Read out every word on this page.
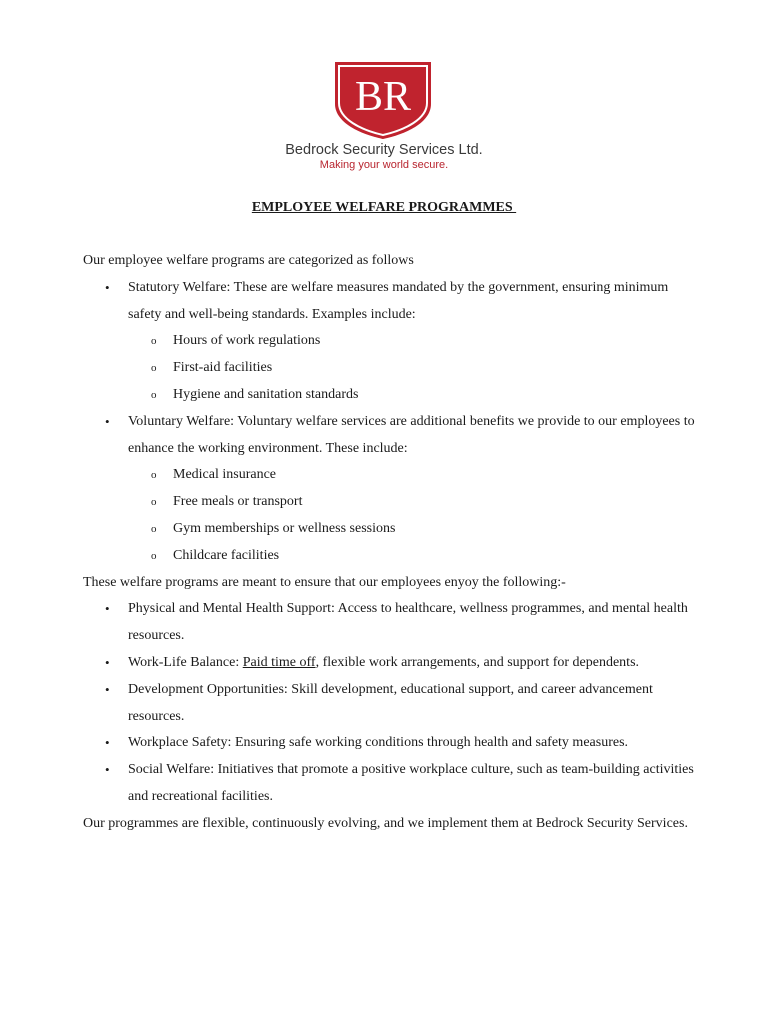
BR
Bedrock Security Services Ltd.
Making your world secure.
EMPLOYEE WELFARE PROGRAMMES

Our employee welfare programs are categorized as follows

• Statutory Welfare: These are welfare measures mandated by the government, ensuring minimum safety and well-being standards. Examples include:
o Hours of work regulations
o First-aid facilities
o Hygiene and sanitation standards
• Voluntary Welfare: Voluntary welfare services are additional benefits we provide to our employees to enhance the working environment. These include:
o Medical insurance
o Free meals or transport
o Gym memberships or wellness sessions
o Childcare facilities

These welfare programs are meant to ensure that our employees enyoy the following:-

• Physical and Mental Health Support: Access to healthcare, wellness programmes, and mental health resources.
• Work-Life Balance: Paid time off, flexible work arrangements, and support for dependents.
• Development Opportunities: Skill development, educational support, and career advancement resources.
• Workplace Safety: Ensuring safe working conditions through health and safety measures.
• Social Welfare: Initiatives that promote a positive workplace culture, such as team-building activities and recreational facilities.

Our programmes are flexible, continuously evolving, and we implement them at Bedrock Security Services.
